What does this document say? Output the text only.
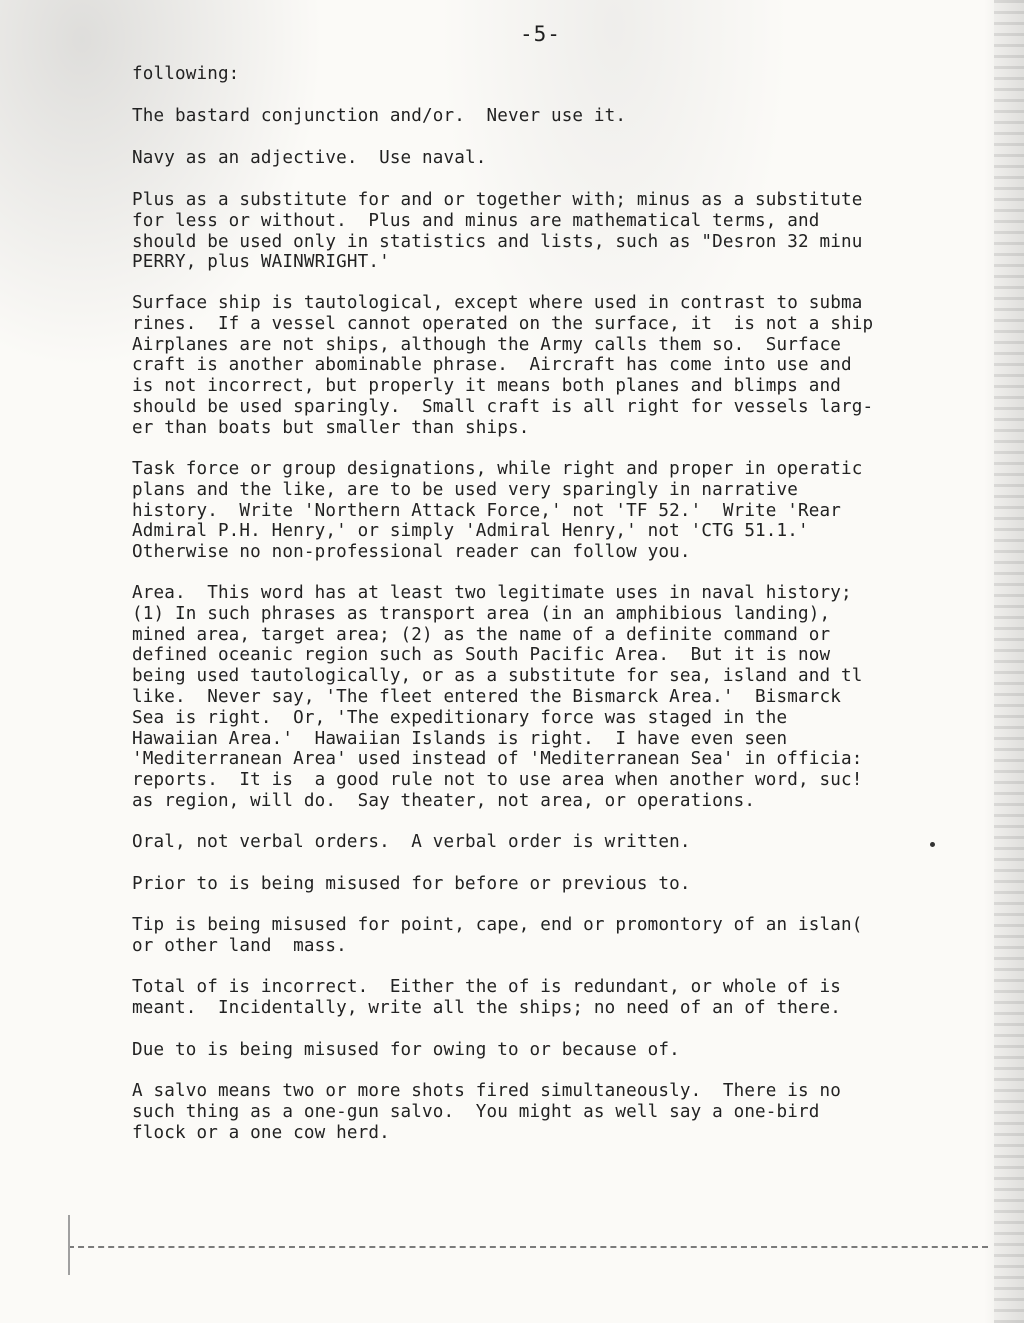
-5-

following:

The bastard conjunction and/or.  Never use it.

Navy as an adjective.  Use naval.

Plus as a substitute for and or together with; minus as a substitute
for less or without.  Plus and minus are mathematical terms, and
should be used only in statistics and lists, such as "Desron 32 minu
PERRY, plus WAINWRIGHT.'

Surface ship is tautological, except where used in contrast to subma
rines.  If a vessel cannot operated on the surface, it  is not a ship
Airplanes are not ships, although the Army calls them so.  Surface
craft is another abominable phrase.  Aircraft has come into use and
is not incorrect, but properly it means both planes and blimps and
should be used sparingly.  Small craft is all right for vessels larg-
er than boats but smaller than ships.

Task force or group designations, while right and proper in operatic
plans and the like, are to be used very sparingly in narrative
history.  Write 'Northern Attack Force,' not 'TF 52.'  Write 'Rear
Admiral P.H. Henry,' or simply 'Admiral Henry,' not 'CTG 51.1.'
Otherwise no non-professional reader can follow you.

Area.  This word has at least two legitimate uses in naval history;
(1) In such phrases as transport area (in an amphibious landing),
mined area, target area; (2) as the name of a definite command or
defined oceanic region such as South Pacific Area.  But it is now
being used tautologically, or as a substitute for sea, island and tl
like.  Never say, 'The fleet entered the Bismarck Area.'  Bismarck
Sea is right.  Or, 'The expeditionary force was staged in the
Hawaiian Area.'  Hawaiian Islands is right.  I have even seen
'Mediterranean Area' used instead of 'Mediterranean Sea' in officia:
reports.  It is  a good rule not to use area when another word, suc!
as region, will do.  Say theater, not area, or operations.

Oral, not verbal orders.  A verbal order is written.

Prior to is being misused for before or previous to.

Tip is being misused for point, cape, end or promontory of an islan(
or other land  mass.

Total of is incorrect.  Either the of is redundant, or whole of is
meant.  Incidentally, write all the ships; no need of an of there.

Due to is being misused for owing to or because of.

A salvo means two or more shots fired simultaneously.  There is no
such thing as a one-gun salvo.  You might as well say a one-bird
flock or a one cow herd.
